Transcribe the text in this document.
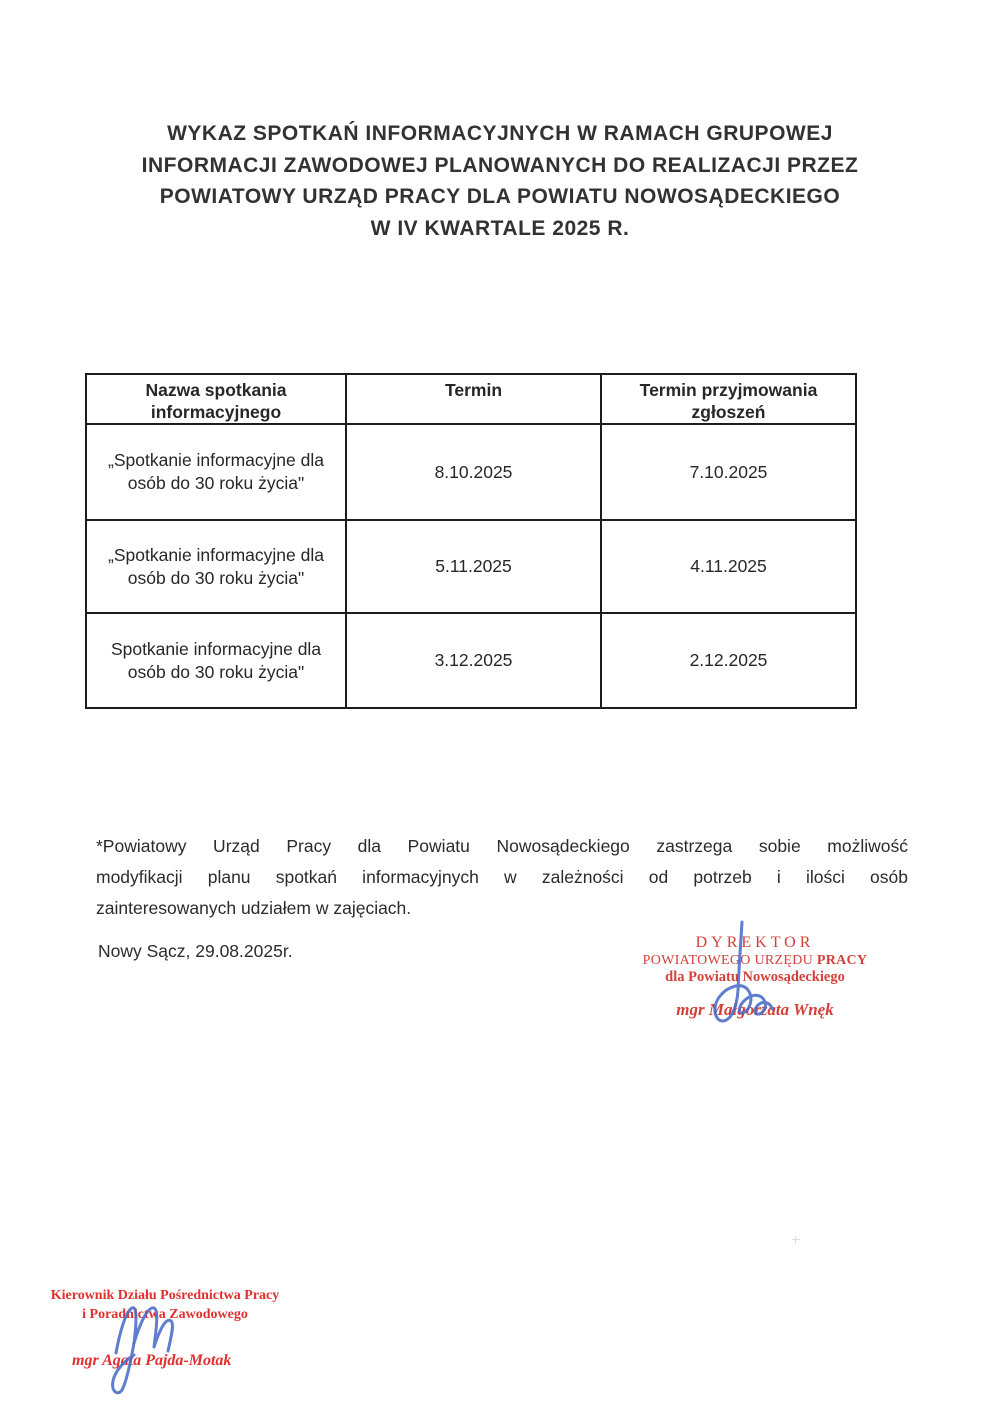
WYKAZ SPOTKAŃ INFORMACYJNYCH W RAMACH GRUPOWEJ
INFORMACJI ZAWODOWEJ PLANOWANYCH DO REALIZACJI PRZEZ
POWIATOWY URZĄD PRACY DLA POWIATU NOWOSĄDECKIEGO
W IV KWARTALE 2025 R.
Nazwa spotkania informacyjnego	Termin	Termin przyjmowania zgłoszeń
„Spotkanie informacyjne dla osób do 30 roku życia"	8.10.2025	7.10.2025
„Spotkanie informacyjne dla osób do 30 roku życia"	5.11.2025	4.11.2025
Spotkanie informacyjne dla osób do 30 roku życia"	3.12.2025	2.12.2025
*Powiatowy Urząd Pracy dla Powiatu Nowosądeckiego zastrzega sobie możliwość
modyfikacji planu spotkań informacyjnych w zależności od potrzeb i ilości osób
zainteresowanych udziałem w zajęciach.
Nowy Sącz, 29.08.2025r.	DYREKTOR
POWIATOWEGO URZĘDU PRACY
dla Powiatu Nowosądeckiego
mgr Małgorzata Wnęk
Kierownik Działu Pośrednictwa Pracy
i Poradnictwa Zawodowego
mgr Agata Pajda-Motak
